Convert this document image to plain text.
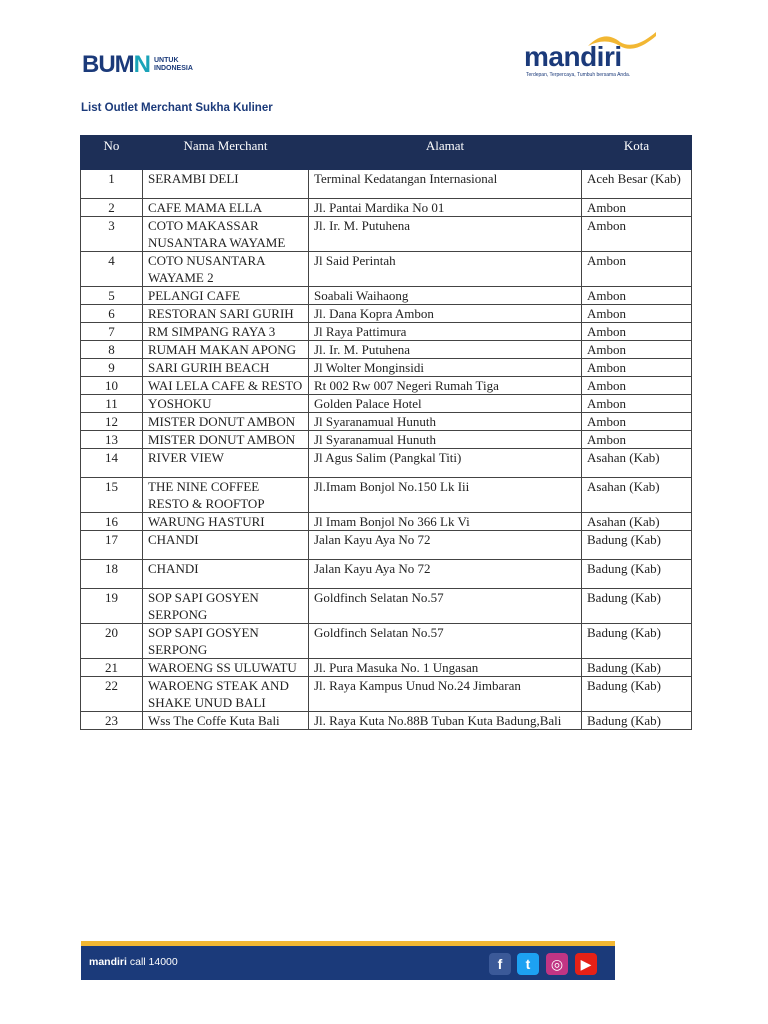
BUMN UNTUK
INDONESIA	mandiri
Terdepan, Terpercaya, Tumbuh bersama Anda.
List Outlet Merchant Sukha Kuliner
No	Nama Merchant	Alamat	Kota
1	SERAMBI DELI	Terminal Kedatangan Internasional	Aceh Besar (Kab)
2	CAFE MAMA ELLA	Jl. Pantai Mardika No 01	Ambon
3	COTO MAKASSAR NUSANTARA WAYAME	Jl. Ir. M. Putuhena	Ambon
4	COTO NUSANTARA WAYAME 2	Jl Said Perintah	Ambon
5	PELANGI CAFE	Soabali Waihaong	Ambon
6	RESTORAN SARI GURIH	Jl. Dana Kopra Ambon	Ambon
7	RM SIMPANG RAYA 3	Jl Raya Pattimura	Ambon
8	RUMAH MAKAN APONG	Jl. Ir. M. Putuhena	Ambon
9	SARI GURIH BEACH	Jl Wolter Monginsidi	Ambon
10	WAI LELA CAFE & RESTO	Rt 002 Rw 007 Negeri Rumah Tiga	Ambon
11	YOSHOKU	Golden Palace Hotel	Ambon
12	MISTER DONUT AMBON	Jl Syaranamual Hunuth	Ambon
13	MISTER DONUT AMBON	Jl Syaranamual Hunuth	Ambon
14	RIVER VIEW	Jl Agus Salim (Pangkal Titi)	Asahan (Kab)
15	THE NINE COFFEE RESTO & ROOFTOP	Jl.Imam Bonjol No.150 Lk Iii	Asahan (Kab)
16	WARUNG HASTURI	Jl Imam Bonjol No 366 Lk Vi	Asahan (Kab)
17	CHANDI	Jalan Kayu Aya No 72	Badung (Kab)
18	CHANDI	Jalan Kayu Aya No 72	Badung (Kab)
19	SOP SAPI GOSYEN SERPONG	Goldfinch Selatan No.57	Badung (Kab)
20	SOP SAPI GOSYEN SERPONG	Goldfinch Selatan No.57	Badung (Kab)
21	WAROENG SS ULUWATU	Jl. Pura Masuka No. 1 Ungasan	Badung (Kab)
22	WAROENG STEAK AND SHAKE UNUD BALI	Jl. Raya Kampus Unud No.24 Jimbaran	Badung (Kab)
23	Wss The Coffe Kuta Bali	Jl. Raya Kuta No.88B Tuban Kuta Badung,Bali	Badung (Kab)
mandiri call 14000	f	t	◎	▶
